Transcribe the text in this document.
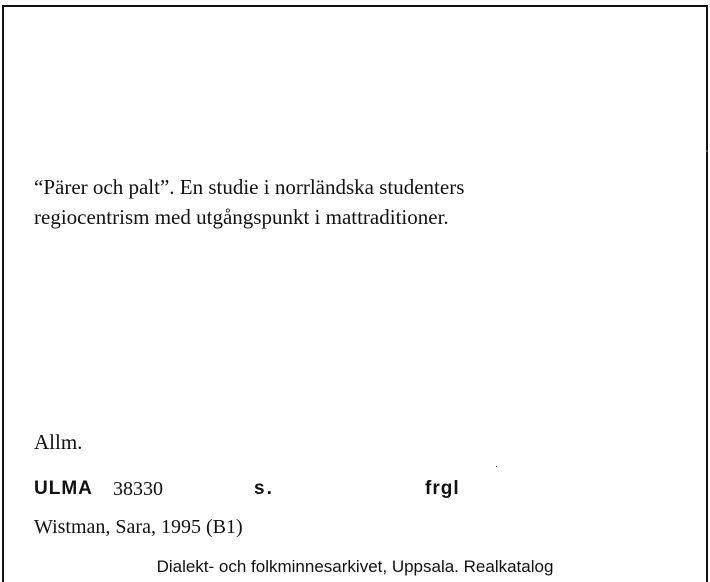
“Pärer och palt”. En studie i norrländska studenters
regiocentrism med utgångspunkt i mattraditioner.
Allm.
ULMA 38330	s.	frgl
Wistman, Sara, 1995 (B1)
Dialekt- och folkminnesarkivet, Uppsala. Realkatalog
